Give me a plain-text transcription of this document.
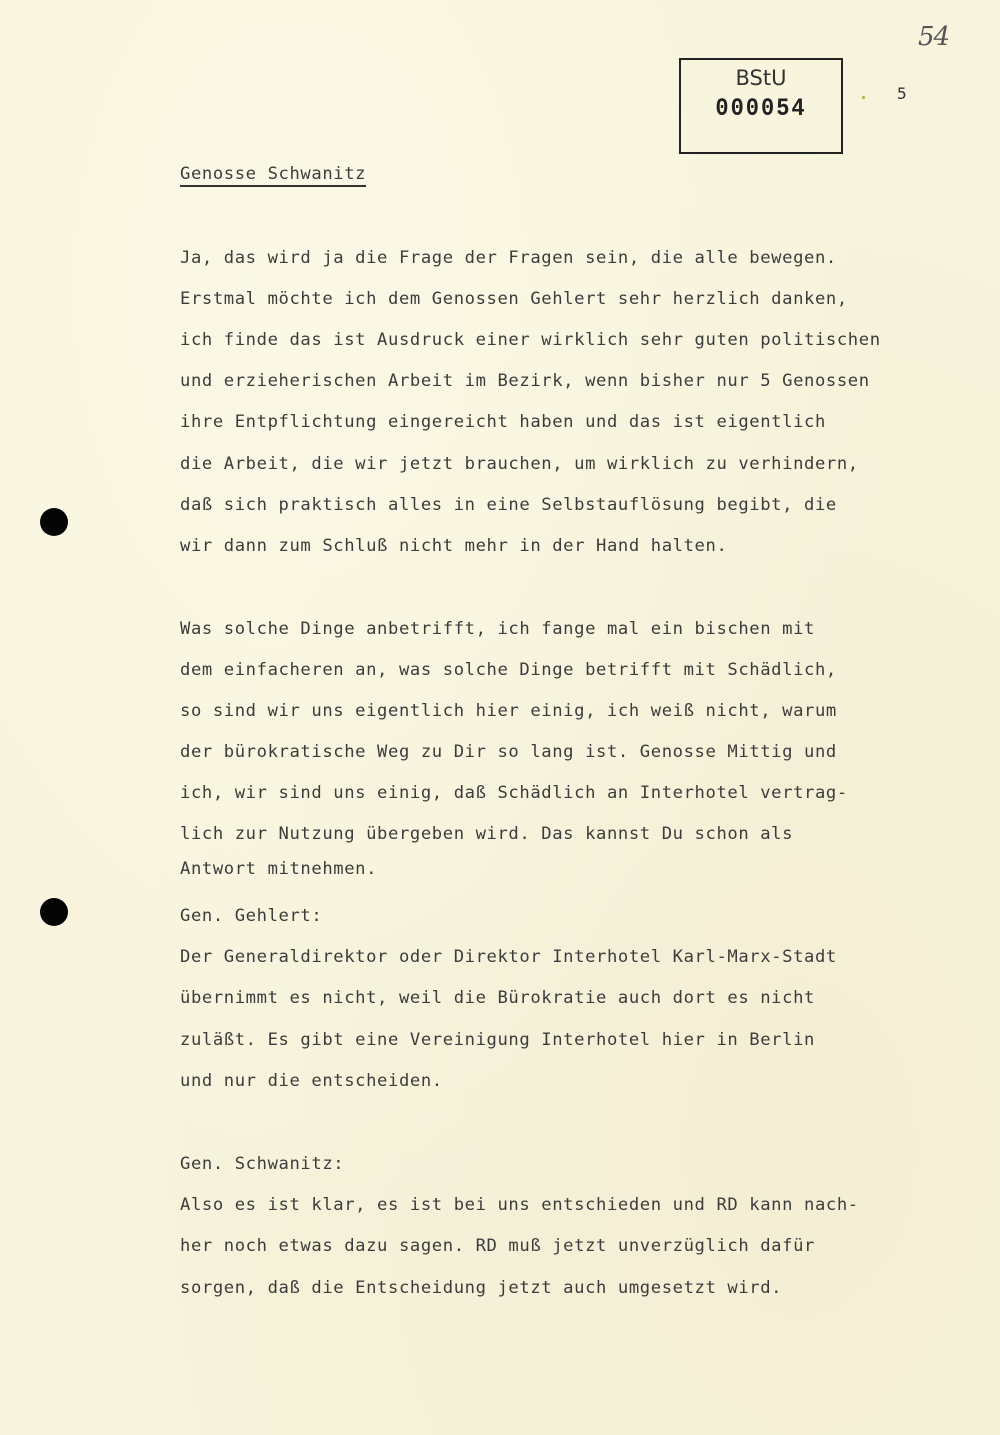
54
BStU
000054
5
Genosse Schwanitz
Ja, das wird ja die Frage der Fragen sein, die alle bewegen.
Erstmal möchte ich dem Genossen Gehlert sehr herzlich danken,
ich finde das ist Ausdruck einer wirklich sehr guten politischen
und erzieherischen Arbeit im Bezirk, wenn bisher nur 5 Genossen
ihre Entpflichtung eingereicht haben und das ist eigentlich
die Arbeit, die wir jetzt brauchen, um wirklich zu verhindern,
daß sich praktisch alles in eine Selbstauflösung begibt, die
wir dann zum Schluß nicht mehr in der Hand halten.
Was solche Dinge anbetrifft, ich fange mal ein bischen mit
dem einfacheren an, was solche Dinge betrifft mit Schädlich,
so sind wir uns eigentlich hier einig, ich weiß nicht, warum
der bürokratische Weg zu Dir so lang ist. Genosse Mittig und
ich, wir sind uns einig, daß Schädlich an Interhotel vertrag-
lich zur Nutzung übergeben wird. Das kannst Du schon als
Antwort mitnehmen.
Gen. Gehlert:
Der Generaldirektor oder Direktor Interhotel Karl-Marx-Stadt
übernimmt es nicht, weil die Bürokratie auch dort es nicht
zuläßt. Es gibt eine Vereinigung Interhotel hier in Berlin
und nur die entscheiden.
Gen. Schwanitz:
Also es ist klar, es ist bei uns entschieden und RD kann nach-
her noch etwas dazu sagen. RD muß jetzt unverzüglich dafür
sorgen, daß die Entscheidung jetzt auch umgesetzt wird.
